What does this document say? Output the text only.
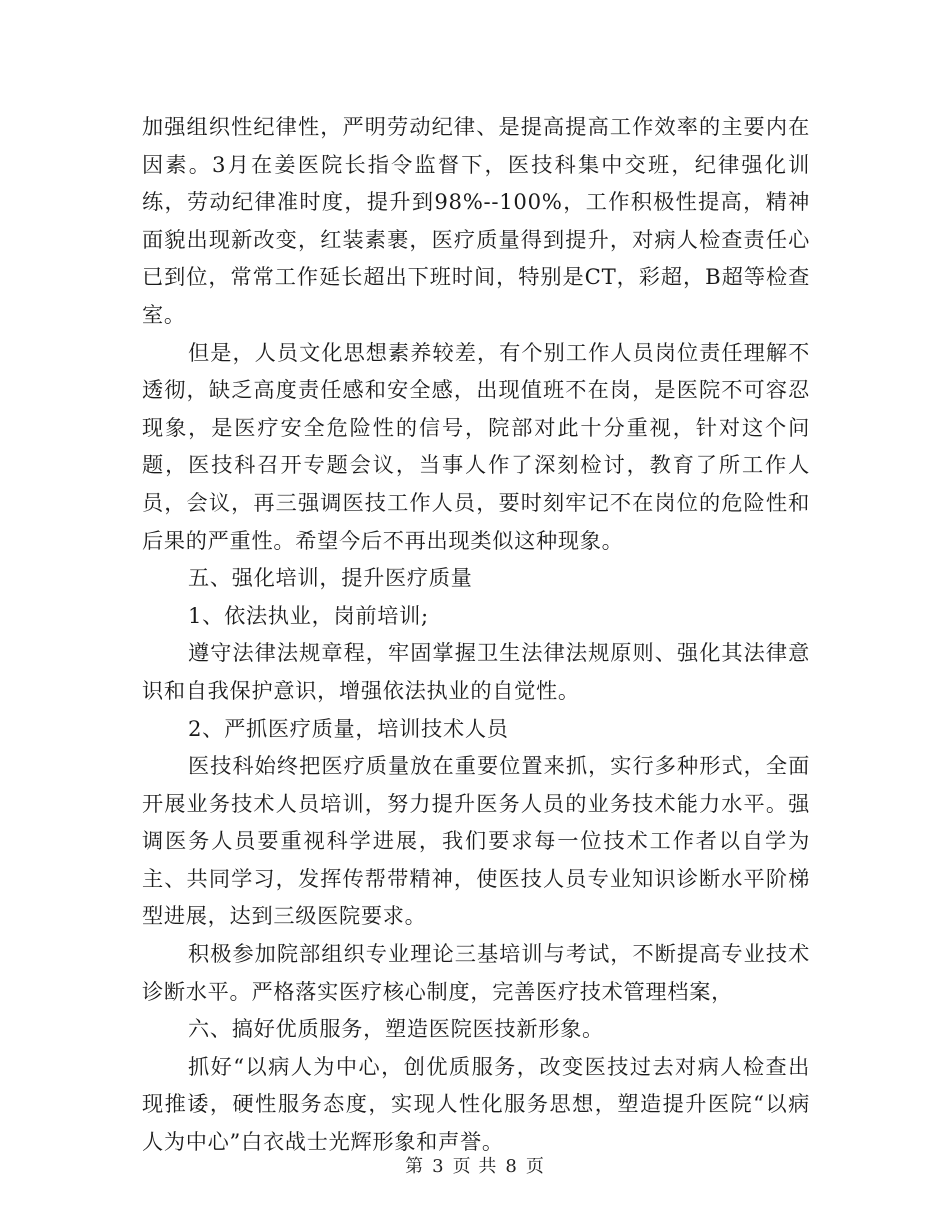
加强组织性纪律性，严明劳动纪律、是提高提高工作效率的主要内在因素。3月在姜医院长指令监督下，医技科集中交班，纪律强化训练，劳动纪律准时度，提升到98%--100%，工作积极性提高，精神面貌出现新改变，红装素裹，医疗质量得到提升，对病人检查责任心已到位，常常工作延长超出下班时间，特别是CT，彩超，B超等检查室。

但是，人员文化思想素养较差，有个别工作人员岗位责任理解不透彻，缺乏高度责任感和安全感，出现值班不在岗，是医院不可容忍现象，是医疗安全危险性的信号，院部对此十分重视，针对这个问题，医技科召开专题会议，当事人作了深刻检讨，教育了所工作人员，会议，再三强调医技工作人员，要时刻牢记不在岗位的危险性和后果的严重性。希望今后不再出现类似这种现象。

五、强化培训，提升医疗质量

1、依法执业，岗前培训;

遵守法律法规章程，牢固掌握卫生法律法规原则、强化其法律意识和自我保护意识，增强依法执业的自觉性。

2、严抓医疗质量，培训技术人员

医技科始终把医疗质量放在重要位置来抓，实行多种形式，全面开展业务技术人员培训，努力提升医务人员的业务技术能力水平。强调医务人员要重视科学进展，我们要求每一位技术工作者以自学为主、共同学习，发挥传帮带精神，使医技人员专业知识诊断水平阶梯型进展，达到三级医院要求。

积极参加院部组织专业理论三基培训与考试，不断提高专业技术诊断水平。严格落实医疗核心制度，完善医疗技术管理档案，

六、搞好优质服务，塑造医院医技新形象。

抓好“以病人为中心，创优质服务，改变医技过去对病人检查出现推诿，硬性服务态度，实现人性化服务思想，塑造提升医院“以病人为中心”白衣战士光辉形象和声誉。

第 3 页 共 8 页
